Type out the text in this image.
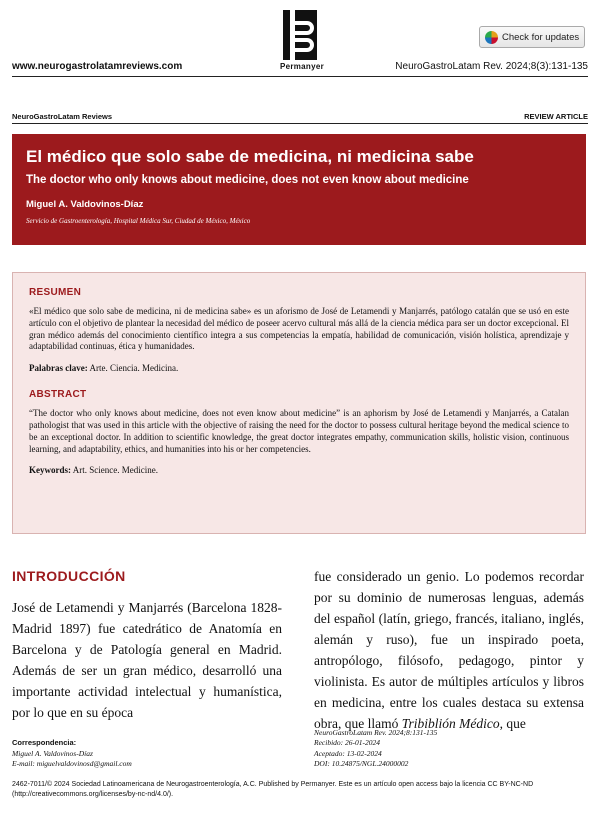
Permanyer
www.neurogastrolatamreviews.com	NeuroGastroLatam Rev. 2024;8(3):131-135
Check for updates
NeuroGastroLatam Reviews	REVIEW ARTICLE
El médico que solo sabe de medicina, ni medicina sabe
The doctor who only knows about medicine, does not even know about medicine
Miguel A. Valdovinos-Díaz
Servicio de Gastroenterología, Hospital Médica Sur, Ciudad de México, México
RESUMEN

«El médico que solo sabe de medicina, ni de medicina sabe» es un aforismo de José de Letamendi y Manjarrés, patólogo catalán que se usó en este artículo con el objetivo de plantear la necesidad del médico de poseer acervo cultural más allá de la ciencia médica para ser un doctor excepcional. El gran médico además del conocimiento científico integra a sus competencias la empatía, habilidad de comunicación, visión holística, aprendizaje y adaptabilidad continuas, ética y humanidades.

Palabras clave: Arte. Ciencia. Medicina.

ABSTRACT

“The doctor who only knows about medicine, does not even know about medicine” is an aphorism by José de Letamendi y Manjarrés, a Catalan pathologist that was used in this article with the objective of raising the need for the doctor to possess cultural heritage beyond the medical science to be an exceptional doctor. In addition to scientific knowledge, the great doctor integrates empathy, communication skills, holistic vision, continuous learning, and adaptability, ethics, and humanities into his or her competencies.

Keywords: Art. Science. Medicine.

INTRODUCCIÓN

José de Letamendi y Manjarrés (Barcelona 1828-Madrid 1897) fue catedrático de Anatomía en Barcelona y de Patología general en Madrid. Además de ser un gran médico, desarrolló una importante actividad intelectual y humanística, por lo que en su época

fue considerado un genio. Lo podemos recordar por su dominio de numerosas lenguas, además del español (latín, griego, francés, italiano, inglés, alemán y ruso), fue un inspirado poeta, antropólogo, filósofo, pedagogo, pintor y violinista. Es autor de múltiples artículos y libros en medicina, entre los cuales destaca su extensa obra, que llamó Tribiblión Médico, que

Correspondencia:
Miguel A. Valdovinos-Díaz
E-mail: miguelvaldovinosd@gmail.com
NeuroGastroLatam Rev. 2024;8:131-135
Recibido: 26-01-2024
Aceptado: 13-02-2024
DOI: 10.24875/NGL.24000002
2462-7011/© 2024 Sociedad Latinoamericana de Neurogastroenterología, A.C. Published by Permanyer. Este es un artículo open access bajo la licencia CC BY-NC-ND
(http://creativecommons.org/licenses/by-nc-nd/4.0/).
